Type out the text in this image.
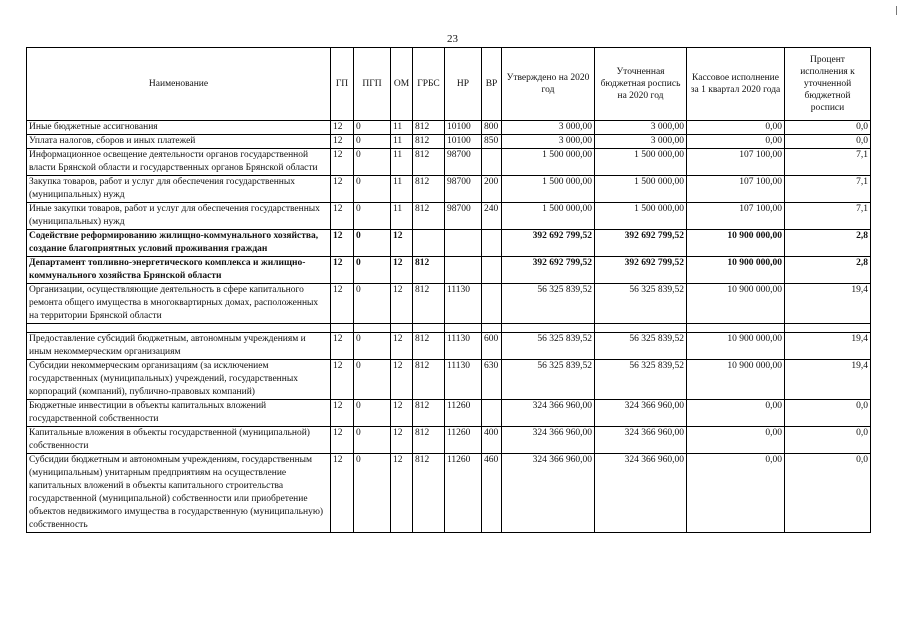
23
Наименование	ГП	ПГП	ОМ	ГРБС	НР	ВР	Утверждено на 2020 год	Уточненная бюджетная роспись на 2020 год	Кассовое исполнение за 1 квартал 2020 года	Процент исполнения к уточненной бюджетной росписи
Иные бюджетные ассигнования	12	0	11	812	10100	800	3 000,00	3 000,00	0,00	0,0
Уплата налогов, сборов и иных платежей	12	0	11	812	10100	850	3 000,00	3 000,00	0,00	0,0
Информационное освещение деятельности органов государственной власти Брянской области и государственных органов Брянской области	12	0	11	812	98700		1 500 000,00	1 500 000,00	107 100,00	7,1
Закупка товаров, работ и услуг для обеспечения государственных (муниципальных) нужд	12	0	11	812	98700	200	1 500 000,00	1 500 000,00	107 100,00	7,1
Иные закупки товаров, работ и услуг для обеспечения государственных (муниципальных) нужд	12	0	11	812	98700	240	1 500 000,00	1 500 000,00	107 100,00	7,1
Содействие реформированию жилищно-коммунального хозяйства, создание благоприятных условий проживания граждан	12	0	12				392 692 799,52	392 692 799,52	10 900 000,00	2,8
Департамент топливно-энергетического комплекса и жилищно-коммунального хозяйства Брянской области	12	0	12	812			392 692 799,52	392 692 799,52	10 900 000,00	2,8
Организации, осуществляющие деятельность в сфере капитального ремонта общего имущества в многоквартирных домах, расположенных на территории Брянской области	12	0	12	812	11130		56 325 839,52	56 325 839,52	10 900 000,00	19,4

Предоставление субсидий бюджетным, автономным учреждениям и иным некоммерческим организациям	12	0	12	812	11130	600	56 325 839,52	56 325 839,52	10 900 000,00	19,4
Субсидии некоммерческим организациям (за исключением государственных (муниципальных) учреждений, государственных корпораций (компаний), публично-правовых компаний)	12	0	12	812	11130	630	56 325 839,52	56 325 839,52	10 900 000,00	19,4
Бюджетные инвестиции в объекты капитальных вложений государственной собственности	12	0	12	812	11260		324 366 960,00	324 366 960,00	0,00	0,0
Капитальные вложения в объекты государственной (муниципальной) собственности	12	0	12	812	11260	400	324 366 960,00	324 366 960,00	0,00	0,0
Субсидии бюджетным и автономным учреждениям, государственным (муниципальным) унитарным предприятиям на осуществление капитальных вложений в объекты капитального строительства государственной (муниципальной) собственности или приобретение объектов недвижимого имущества в государственную (муниципальную) собственность	12	0	12	812	11260	460	324 366 960,00	324 366 960,00	0,00	0,0
